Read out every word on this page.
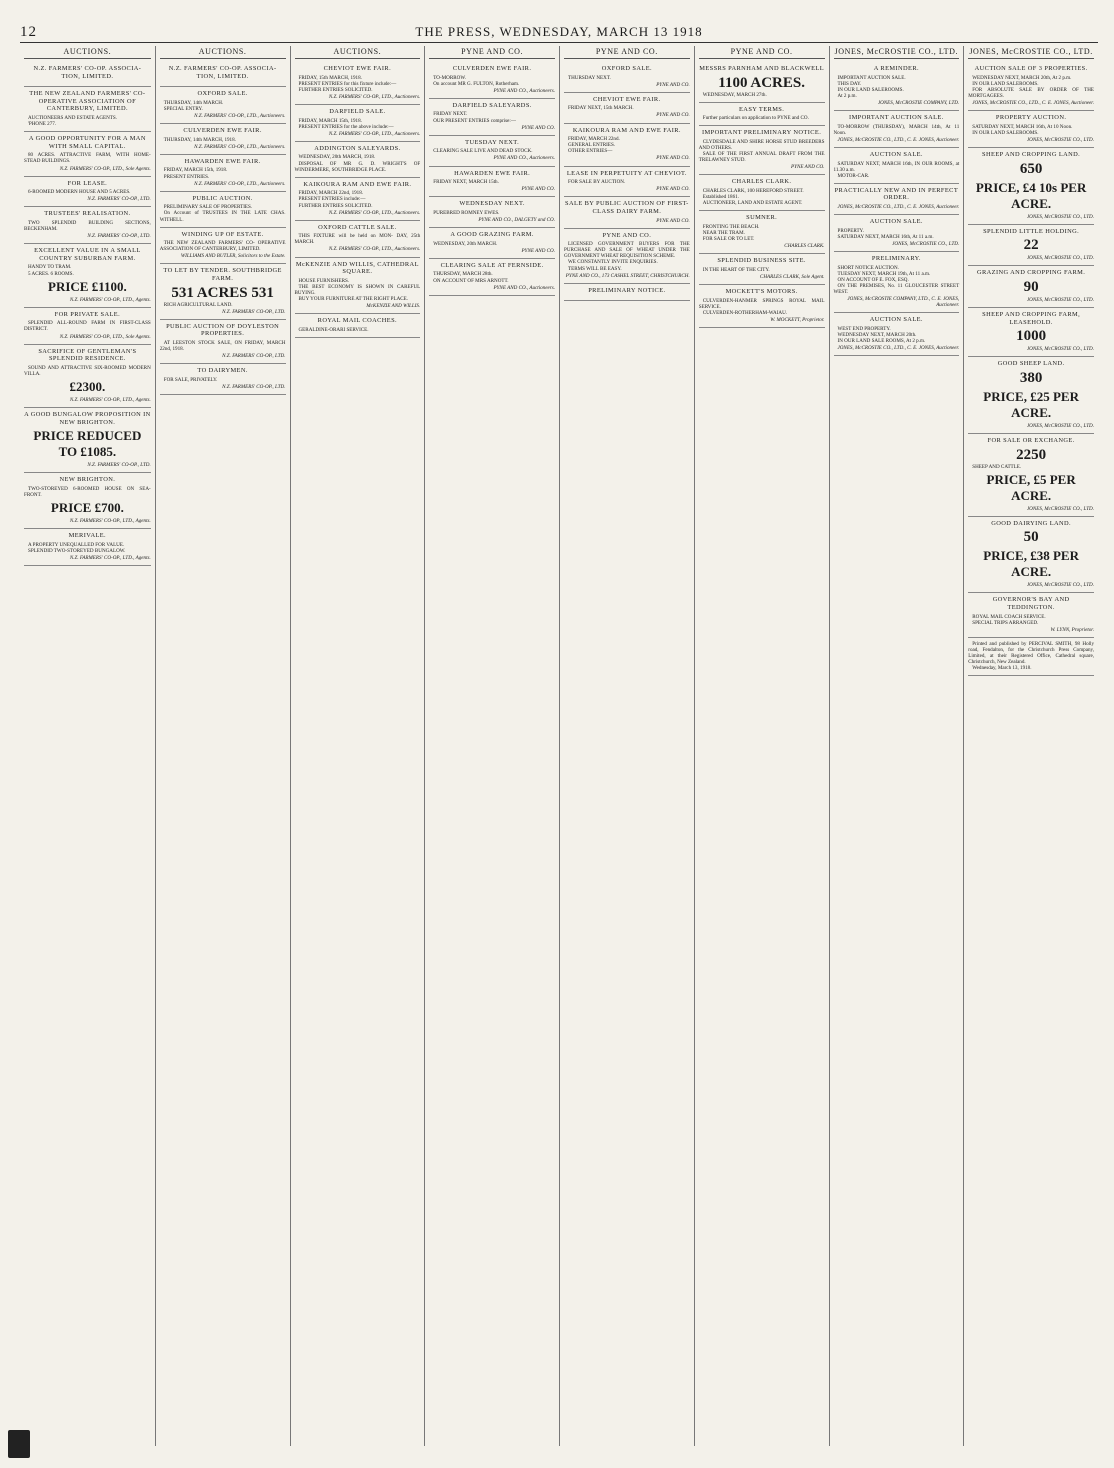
12	THE PRESS, WEDNESDAY, MARCH 13 1918
AUCTIONS.
N.Z. FARMERS' CO-OP. ASSOCIA- TION, LIMITED.
THE NEW ZEALAND FARMERS' CO- OPERATIVE ASSOCIATION OF CANTERBURY, LIMITED.
AUCTIONEERS AND ESTATE AGENTS.
'PHONE 277.
A GOOD OPPORTUNITY FOR A MAN WITH SMALL CAPITAL.
80 ACRES. ATTRACTIVE FARM, WITH HOME- STEAD BUILDINGS.
N.Z. FARMERS' CO-OP., LTD., Sole Agents.
FOR LEASE.
6-ROOMED MODERN HOUSE AND 5 ACRES.
N.Z. FARMERS' CO-OP., LTD.
TRUSTEES' REALISATION.
TWO SPLENDID BUILDING SECTIONS, BECKENHAM.
N.Z. FARMERS' CO-OP., LTD.
EXCELLENT VALUE IN A SMALL COUNTRY SUBURBAN FARM.
HANDY TO TRAM.
5 ACRES. 6 ROOMS.
PRICE £1100.
N.Z. FARMERS' CO-OP., LTD., Agents.
FOR PRIVATE SALE.
SPLENDID ALL-ROUND FARM IN FIRST-CLASS DISTRICT.
N.Z. FARMERS' CO-OP., LTD., Sole Agents.
SACRIFICE OF GENTLEMAN'S SPLENDID RESIDENCE.
SOUND AND ATTRACTIVE SIX-ROOMED MODERN VILLA.
£2300.
N.Z. FARMERS' CO-OP., LTD., Agents.
A GOOD BUNGALOW PROPOSITION IN NEW BRIGHTON.
PRICE REDUCED TO £1085.
N.Z. FARMERS' CO-OP., LTD.
NEW BRIGHTON.
TWO-STOREYED 6-ROOMED HOUSE ON SEA-FRONT.
PRICE £700.
N.Z. FARMERS' CO-OP., LTD., Agents.
MERIVALE.
A PROPERTY UNEQUALLED FOR VALUE.
SPLENDID TWO-STOREYED BUNGALOW.
N.Z. FARMERS' CO-OP., LTD., Agents.
AUCTIONS.
N.Z. FARMERS' CO-OP. ASSOCIA- TION, LIMITED.
OXFORD SALE.
THURSDAY, 14th MARCH.
SPECIAL ENTRY.
N.Z. FARMERS' CO-OP., LTD., Auctioneers.
CULVERDEN EWE FAIR.
THURSDAY, 14th MARCH, 1918.
N.Z. FARMERS' CO-OP., LTD., Auctioneers.
HAWARDEN EWE FAIR.
FRIDAY, MARCH 15th, 1918.
PRESENT ENTRIES.
N.Z. FARMERS' CO-OP., LTD., Auctioneers.
PUBLIC AUCTION.
PRELIMINARY SALE OF PROPERTIES.
On Account of TRUSTEES IN THE LATE CHAS. WITHELL.
WINDING UP OF ESTATE.
THE NEW ZEALAND FARMERS' CO- OPERATIVE ASSOCIATION OF CANTERBURY, LIMITED.
WILLIAMS AND BUTLER, Solicitors to the Estate.
TO LET BY TENDER. SOUTHBRIDGE FARM.
531 ACRES 531
RICH AGRICULTURAL LAND.
N.Z. FARMERS' CO-OP., LTD.
PUBLIC AUCTION OF DOYLESTON PROPERTIES.
AT LEESTON STOCK SALE, ON FRIDAY, MARCH 22nd, 1918.
N.Z. FARMERS' CO-OP., LTD.
TO DAIRYMEN.
FOR SALE, PRIVATELY.
N.Z. FARMERS' CO-OP., LTD.
AUCTIONS.
CHEVIOT EWE FAIR.
FRIDAY, 15th MARCH, 1918.
PRESENT ENTRIES for this fixture include:—
FURTHER ENTRIES SOLICITED.
N.Z. FARMERS' CO-OP., LTD., Auctioneers.
DARFIELD SALE.
FRIDAY, MARCH 15th, 1918.
PRESENT ENTRIES for the above include:—
N.Z. FARMERS' CO-OP., LTD., Auctioneers.
ADDINGTON SALEYARDS.
WEDNESDAY, 20th MARCH, 1918.
DISPOSAL OF MR G. D. WRIGHT'S OF WINDERMERE, SOUTHBRIDGE PLACE.
KAIKOURA RAM AND EWE FAIR.
FRIDAY, MARCH 22nd, 1918.
PRESENT ENTRIES include:—
FURTHER ENTRIES SOLICITED.
N.Z. FARMERS' CO-OP., LTD., Auctioneers.
OXFORD CATTLE SALE.
THIS FIXTURE will be held on MON- DAY, 25th MARCH.
N.Z. FARMERS' CO-OP., LTD., Auctioneers.
McKENZIE AND WILLIS, CATHEDRAL SQUARE.
HOUSE FURNISHERS.
THE BEST ECONOMY IS SHOWN IN CAREFUL BUYING.
BUY YOUR FURNITURE AT THE RIGHT PLACE.
McKENZIE AND WILLIS.
ROYAL MAIL COACHES.
GERALDINE-ORARI SERVICE.
PYNE AND CO.
CULVERDEN EWE FAIR.
TO-MORROW.
On account MR G. FULTON, Rotherham.
PYNE AND CO., Auctioneers.
DARFIELD SALEYARDS.
FRIDAY NEXT.
OUR PRESENT ENTRIES comprise:—
PYNE AND CO.
TUESDAY NEXT.
CLEARING SALE LIVE AND DEAD STOCK.
PYNE AND CO., Auctioneers.
HAWARDEN EWE FAIR.
FRIDAY NEXT, MARCH 15th.
PYNE AND CO.
WEDNESDAY NEXT.
PUREBRED ROMNEY EWES.
PYNE AND CO., DALGETY and CO.
A GOOD GRAZING FARM.
WEDNESDAY, 20th MARCH.
PYNE AND CO.
CLEARING SALE AT FERNSIDE.
THURSDAY, MARCH 28th.
ON ACCOUNT OF MRS ARNOTT.
PYNE AND CO., Auctioneers.
PYNE AND CO.
OXFORD SALE.
THURSDAY NEXT.
PYNE AND CO.
CHEVIOT EWE FAIR.
FRIDAY NEXT, 15th MARCH.
PYNE AND CO.
KAIKOURA RAM AND EWE FAIR.
FRIDAY, MARCH 22nd.
GENERAL ENTRIES.
OTHER ENTRIES—
PYNE AND CO.
LEASE IN PERPETUITY AT CHEVIOT.
FOR SALE BY AUCTION.
PYNE AND CO.
SALE BY PUBLIC AUCTION OF FIRST-CLASS DAIRY FARM.
PYNE AND CO.
PYNE AND CO.
LICENSED GOVERNMENT BUYERS FOR THE PURCHASE AND SALE OF WHEAT UNDER THE GOVERNMENT WHEAT REQUISITION SCHEME.
WE CONSTANTLY INVITE ENQUIRIES.
TERMS WILL BE EASY.
PYNE AND CO., 173 CASHEL STREET, CHRISTCHURCH.
PRELIMINARY NOTICE.
PYNE AND CO.
MESSRS PARNHAM AND BLACKWELL
1100 ACRES.
WEDNESDAY, MARCH 27th.
EASY TERMS.
Further particulars on application to PYNE and CO.
IMPORTANT PRELIMINARY NOTICE.
CLYDESDALE AND SHIRE HORSE STUD BREEDERS AND OTHERS.
SALE OF THE FIRST ANNUAL DRAFT FROM THE TRELAWNEY STUD.
PYNE AND CO.
CHARLES CLARK.
CHARLES CLARK, 100 HEREFORD STREET.
Established 1861.
AUCTIONEER, LAND AND ESTATE AGENT.
SUMNER.
FRONTING THE BEACH.
NEAR THE TRAM.
FOR SALE OR TO LET.
CHARLES CLARK.
SPLENDID BUSINESS SITE.
IN THE HEART OF THE CITY.
CHARLES CLARK, Sole Agent.
MOCKETT'S MOTORS.
CULVERDEN-HANMER SPRINGS ROYAL MAIL SERVICE.
CULVERDEN-ROTHERHAM-WAIAU.
W. MOCKETT, Proprietor.
JONES, McCROSTIE CO., LTD.
A REMINDER.
IMPORTANT AUCTION SALE.
THIS DAY.
IN OUR LAND SALEROOMS.
At 2 p.m.
JONES, McCROSTIE COMPANY, LTD.
IMPORTANT AUCTION SALE.
TO-MORROW (THURSDAY), MARCH 14th, At 11 Noon.
JONES, McCROSTIE CO., LTD., C. E. JONES, Auctioneer.
AUCTION SALE.
SATURDAY NEXT, MARCH 16th, IN OUR ROOMS, at 11.30 a.m.
MOTOR-CAR.
PRACTICALLY NEW AND IN PERFECT ORDER.
JONES, McCROSTIE CO., LTD., C. E. JONES, Auctioneer.
AUCTION SALE.
PROPERTY.
SATURDAY NEXT, MARCH 16th, At 11 a.m.
JONES, McCROSTIE CO., LTD.
PRELIMINARY.
SHORT NOTICE AUCTION.
TUESDAY NEXT, MARCH 19th, At 11 a.m.
ON ACCOUNT OF E. FOX, ESQ.
ON THE PREMISES, No. 11 GLOUCESTER STREET WEST.
JONES, McCROSTIE COMPANY, LTD., C. E. JONES, Auctioneer.
AUCTION SALE.
WEST END PROPERTY.
WEDNESDAY NEXT, MARCH 20th.
IN OUR LAND SALE ROOMS, At 2 p.m.
JONES, McCROSTIE CO., LTD., C. E. JONES, Auctioneer.
JONES, McCROSTIE CO., LTD.
AUCTION SALE OF 3 PROPERTIES.
WEDNESDAY NEXT, MARCH 20th, At 2 p.m.
IN OUR LAND SALEROOMS.
FOR ABSOLUTE SALE BY ORDER OF THE MORTGAGEES.
JONES, McCROSTIE CO., LTD., C. E. JONES, Auctioneer.
PROPERTY AUCTION.
SATURDAY NEXT, MARCH 16th, At 10 Noon.
IN OUR LAND SALEROOMS.
JONES, McCROSTIE CO., LTD.
SHEEP AND CROPPING LAND.
650
PRICE, £4 10s PER ACRE.
JONES, McCROSTIE CO., LTD.
SPLENDID LITTLE HOLDING.
22
JONES, McCROSTIE CO., LTD.
GRAZING AND CROPPING FARM.
90
JONES, McCROSTIE CO., LTD.
SHEEP AND CROPPING FARM, LEASEHOLD.
1000
JONES, McCROSTIE CO., LTD.
GOOD SHEEP LAND.
380
PRICE, £25 PER ACRE.
JONES, McCROSTIE CO., LTD.
FOR SALE OR EXCHANGE.
2250
SHEEP AND CATTLE.
PRICE, £5 PER ACRE.
JONES, McCROSTIE CO., LTD.
GOOD DAIRYING LAND.
50
PRICE, £38 PER ACRE.
JONES, McCROSTIE CO., LTD.
GOVERNOR'S BAY AND TEDDINGTON.
ROYAL MAIL COACH SERVICE.
SPECIAL TRIPS ARRANGED.
W. LYNN, Proprietor.
Printed and published by PERCIVAL SMITH, 98 Holly road, Fendalton, for the Christchurch Press Company, Limited, at their Registered Office, Cathedral square, Christchurch, New Zealand.
Wednesday, March 13, 1918.
